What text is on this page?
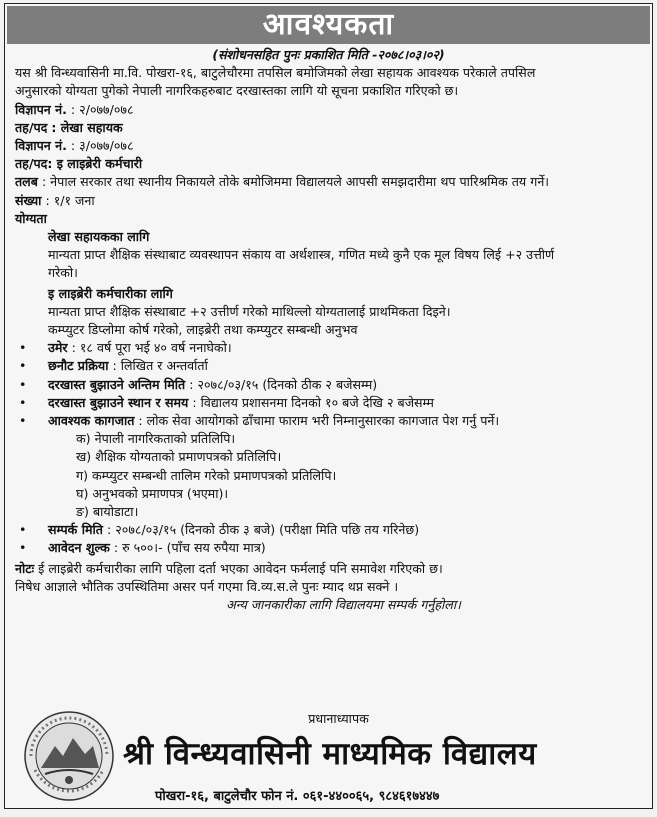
आवश्यकता
(संशोधनसहित पुनः प्रकाशित मिति -२०७८।०३।०२)
यस श्री विन्ध्यवासिनी मा.वि. पोखरा-१६, बाटुलेचौरमा तपसिल बमोजिमको लेखा सहायक आवश्यक परेकाले तपसिल
अनुसारको योग्यता पुगेको नेपाली नागरिकहरुबाट दरखास्तका लागि यो सूचना प्रकाशित गरिएको छ।
विज्ञापन नं. : २/०७७/०७८
तह/पद : लेखा सहायक
विज्ञापन नं. : ३/०७७/०७८
तह/पद: इ लाइब्रेरी कर्मचारी
तलब : नेपाल सरकार तथा स्थानीय निकायले तोके बमोजिममा विद्यालयले आपसी समझदारीमा थप पारिश्रमिक तय गर्ने।
संख्या : १/१ जना
योग्यता
लेखा सहायकका लागि
मान्यता प्राप्त शैक्षिक संस्थाबाट व्यवस्थापन संकाय वा अर्थशास्त्र, गणित मध्ये कुनै एक मूल विषय लिई +२ उत्तीर्ण
गरेको।
इ लाइब्रेरी कर्मचारीका लागि
मान्यता प्राप्त शैक्षिक संस्थाबाट +२ उत्तीर्ण गरेको माथिल्लो योग्यतालाई प्राथमिकता दिइने।
कम्प्युटर डिप्लोमा कोर्ष गरेको, लाइब्रेरी तथा कम्प्युटर सम्बन्धी अनुभव
• उमेर : १८ वर्ष पूरा भई ४० वर्ष ननाघेको।
• छनौट प्रक्रिया : लिखित र अन्तर्वार्ता
• दरखास्त बुझाउने अन्तिम मिति : २०७८/०३/१५ (दिनको ठीक २ बजेसम्म)
• दरखास्त बुझाउने स्थान र समय : विद्यालय प्रशासनमा दिनको १० बजे देखि २ बजेसम्म
• आवश्यक कागजात : लोक सेवा आयोगको ढाँचामा फाराम भरी निम्नानुसारका कागजात पेश गर्नु पर्ने।
क) नेपाली नागरिकताको प्रतिलिपि।
ख) शैक्षिक योग्यताको प्रमाणपत्रको प्रतिलिपि।
ग) कम्प्युटर सम्बन्धी तालिम गरेको प्रमाणपत्रको प्रतिलिपि।
घ) अनुभवको प्रमाणपत्र (भएमा)।
ङ) बायोडाटा।
• सम्पर्क मिति : २०७८/०३/१५ (दिनको ठीक ३ बजे) (परीक्षा मिति पछि तय गरिनेछ)
• आवेदन शुल्क : रु ५००।- (पाँच सय रुपैया मात्र)
नोटः ई लाइब्रेरी कर्मचारीका लागि पहिला दर्ता भएका आवेदन फर्मलाई पनि समावेश गरिएको छ।
निषेध आज्ञाले भौतिक उपस्थितिमा असर पर्न गएमा वि.व्य.स.ले पुनः म्याद थप्न सक्ने ।
अन्य जानकारीका लागि विद्यालयमा सम्पर्क गर्नुहोला।
प्रधानाध्यापक
श्री विन्ध्यवासिनी माध्यमिक विद्यालय
पोखरा-१६, बाटुलेचौर फोन नं. ०६१-४४००६५, ९८४६१७४४७
